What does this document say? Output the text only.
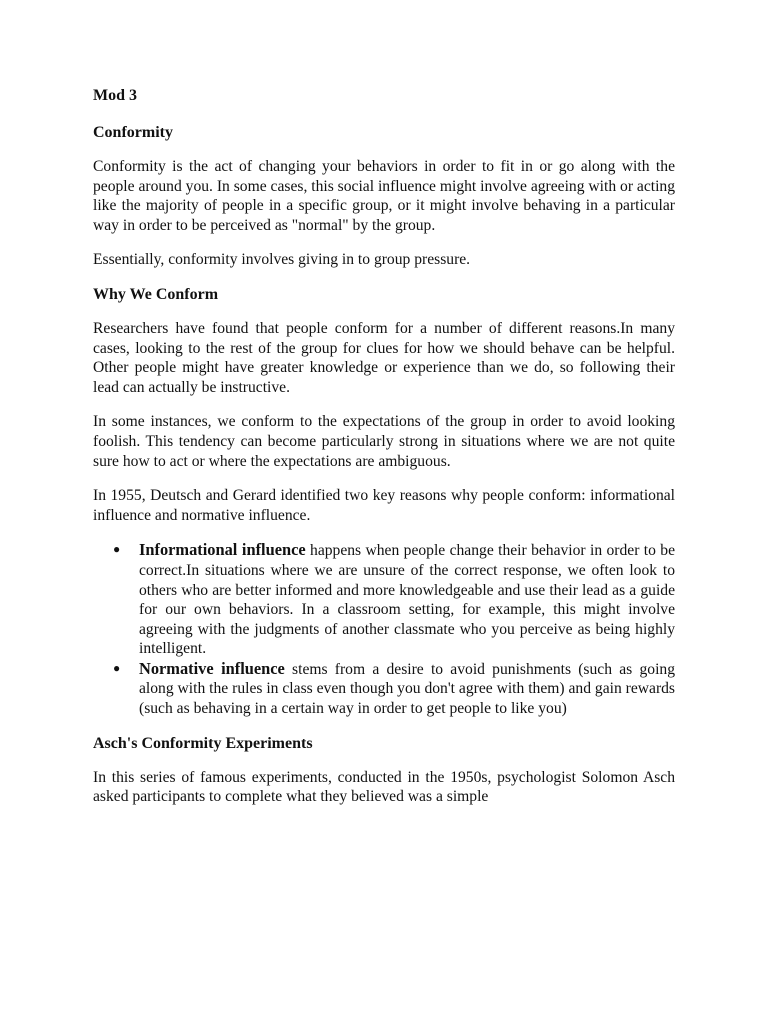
Mod 3
Conformity

Conformity is the act of changing your behaviors in order to fit in or go along with the people around you. In some cases, this social influence might involve agreeing with or acting like the majority of people in a specific group, or it might involve behaving in a particular way in order to be perceived as "normal" by the group.

Essentially, conformity involves giving in to group pressure.

Why We Conform

Researchers have found that people conform for a number of different reasons.In many cases, looking to the rest of the group for clues for how we should behave can be helpful. Other people might have greater knowledge or experience than we do, so following their lead can actually be instructive.

In some instances, we conform to the expectations of the group in order to avoid looking foolish. This tendency can become particularly strong in situations where we are not quite sure how to act or where the expectations are ambiguous.

In 1955, Deutsch and Gerard identified two key reasons why people conform: informational influence and normative influence.

● Informational influence happens when people change their behavior in order to be correct.In situations where we are unsure of the correct response, we often look to others who are better informed and more knowledgeable and use their lead as a guide for our own behaviors. In a classroom setting, for example, this might involve agreeing with the judgments of another classmate who you perceive as being highly intelligent.
● Normative influence stems from a desire to avoid punishments (such as going along with the rules in class even though you don't agree with them) and gain rewards (such as behaving in a certain way in order to get people to like you)
Asch's Conformity Experiments

In this series of famous experiments, conducted in the 1950s, psychologist Solomon Asch asked participants to complete what they believed was a simple
